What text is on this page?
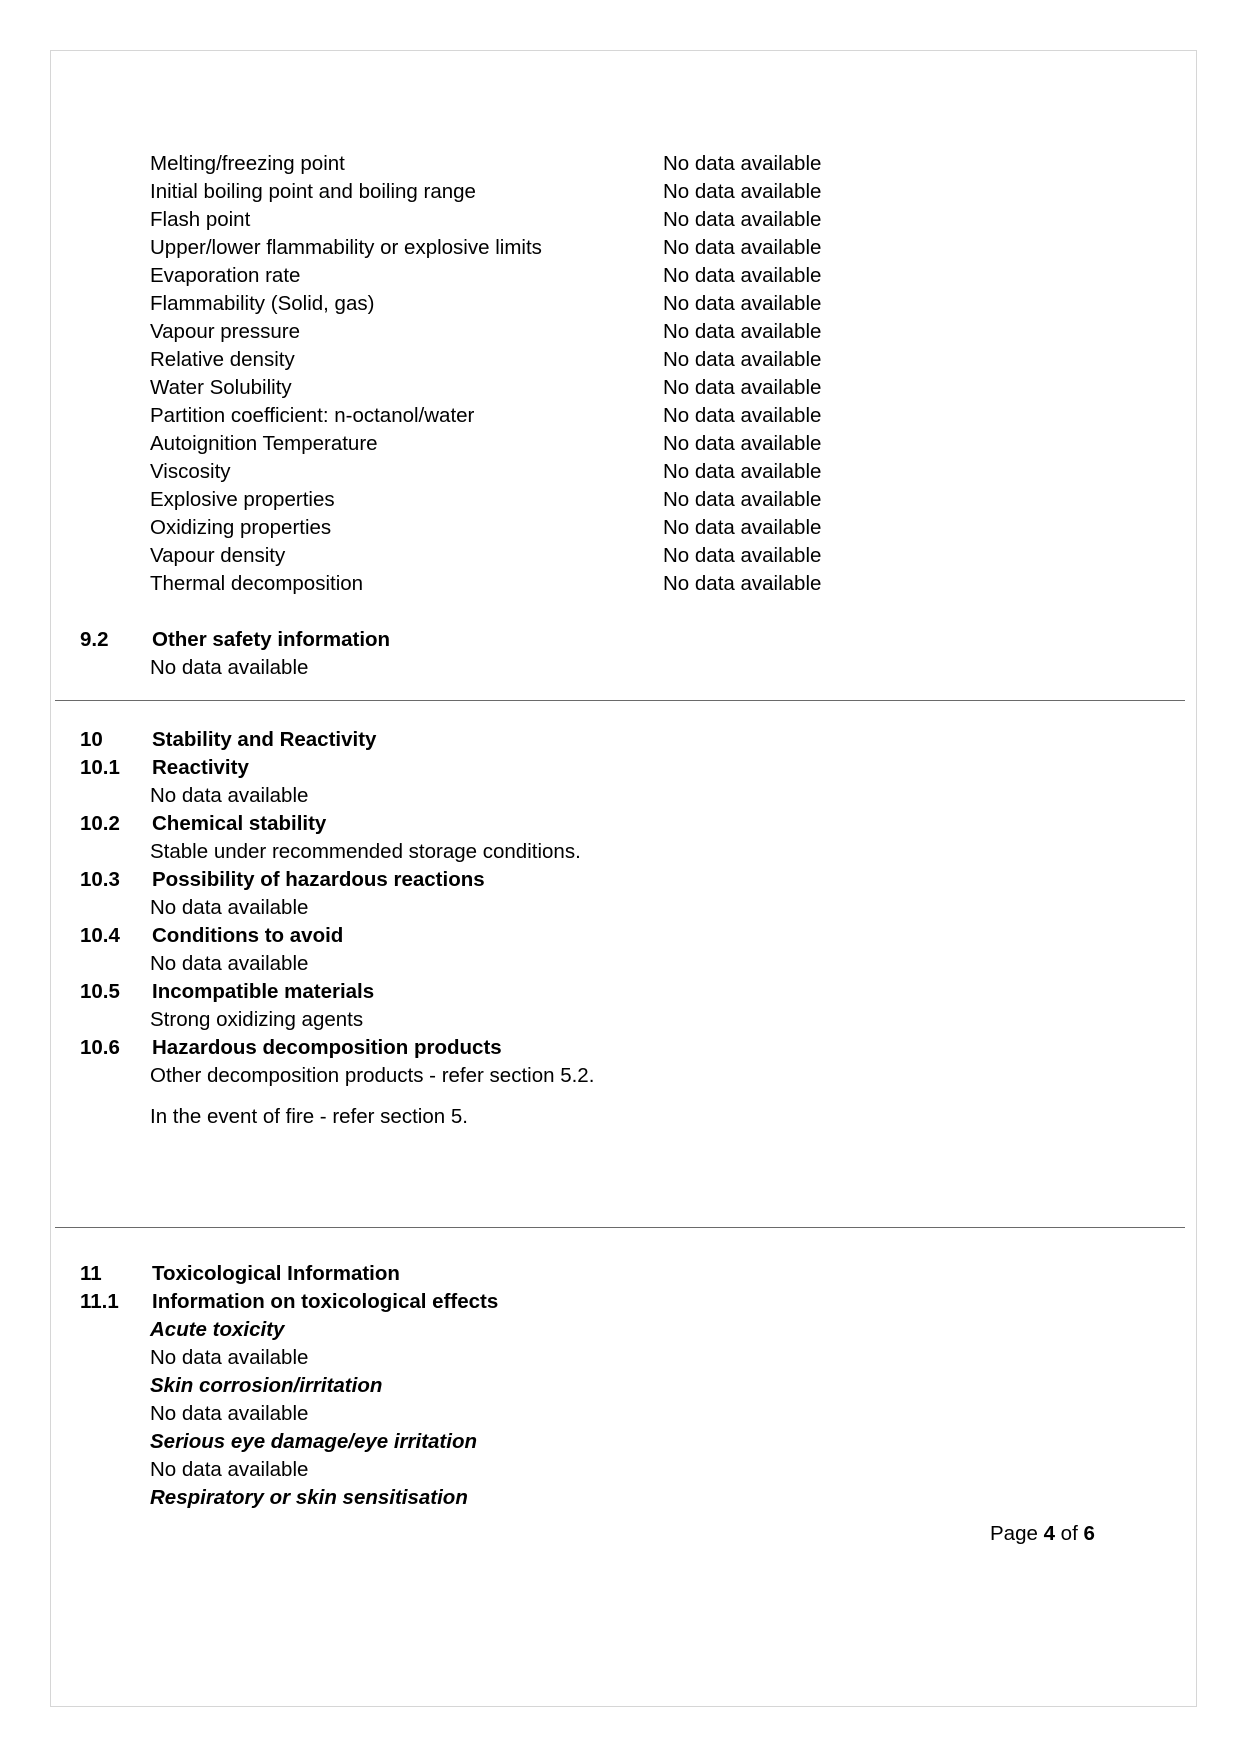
Melting/freezing point	No data available
Initial boiling point and boiling range	No data available
Flash point	No data available
Upper/lower flammability or explosive limits	No data available
Evaporation rate	No data available
Flammability (Solid, gas)	No data available
Vapour pressure	No data available
Relative density	No data available
Water Solubility	No data available
Partition coefficient: n-octanol/water	No data available
Autoignition Temperature	No data available
Viscosity	No data available
Explosive properties	No data available
Oxidizing properties	No data available
Vapour density	No data available
Thermal decomposition	No data available
9.2 Other safety information
No data available
10 Stability and Reactivity
10.1 Reactivity
No data available
10.2 Chemical stability
Stable under recommended storage conditions.
10.3 Possibility of hazardous reactions
No data available
10.4 Conditions to avoid
No data available
10.5 Incompatible materials
Strong oxidizing agents
10.6 Hazardous decomposition products
Other decomposition products - refer section 5.2.
In the event of fire - refer section 5.
11 Toxicological Information
11.1 Information on toxicological effects
Acute toxicity
No data available
Skin corrosion/irritation
No data available
Serious eye damage/eye irritation
No data available
Respiratory or skin sensitisation
Page 4 of 6
